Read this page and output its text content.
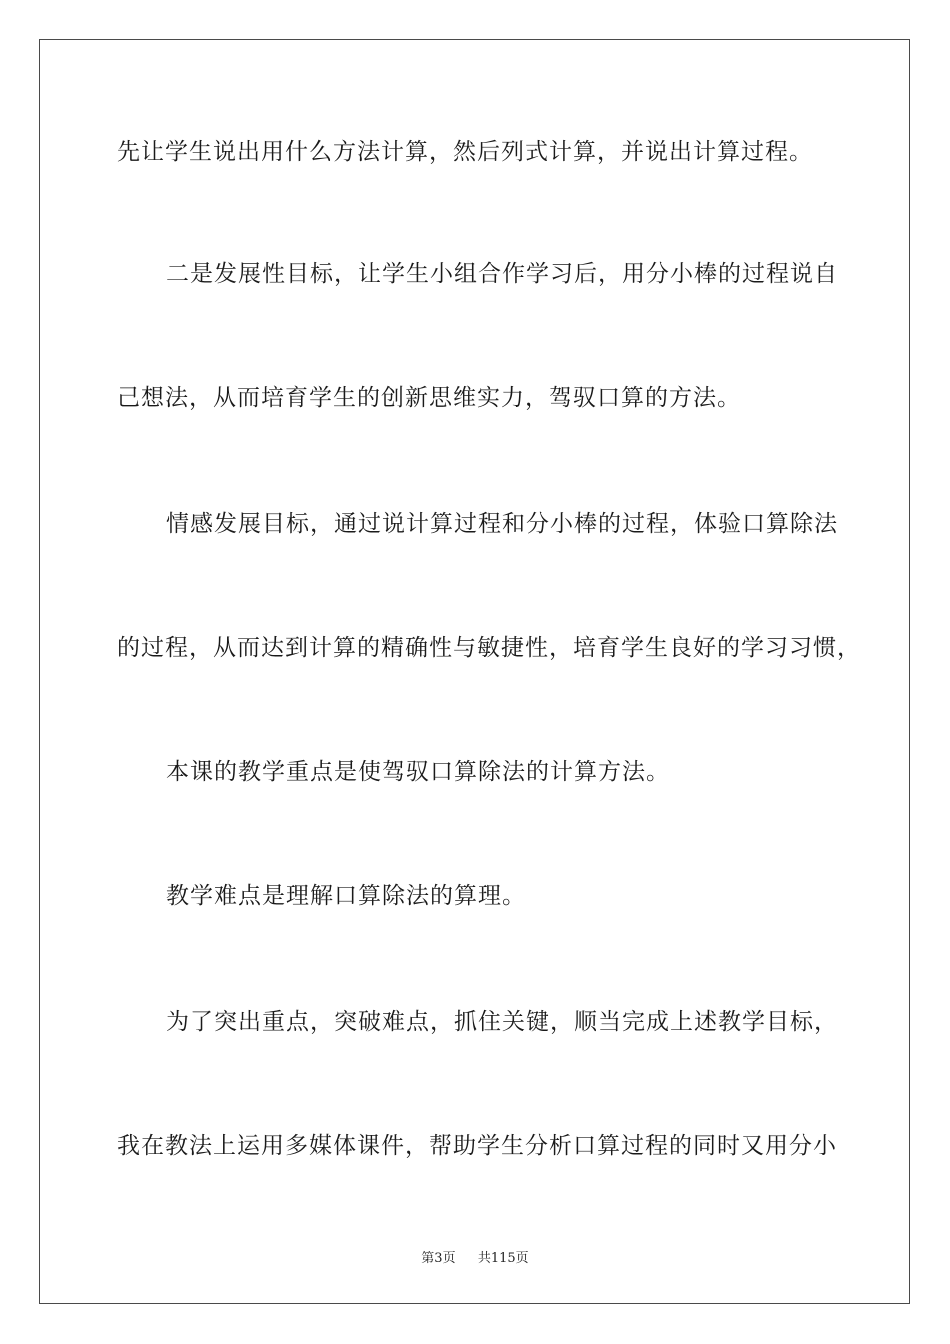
先让学生说出用什么方法计算，然后列式计算，并说出计算过程。
二是发展性目标，让学生小组合作学习后，用分小棒的过程说自
己想法，从而培育学生的创新思维实力，驾驭口算的方法。
情感发展目标，通过说计算过程和分小棒的过程，体验口算除法
的过程，从而达到计算的精确性与敏捷性，培育学生良好的学习习惯，
本课的教学重点是使驾驭口算除法的计算方法。
教学难点是理解口算除法的算理。
为了突出重点，突破难点，抓住关键，顺当完成上述教学目标，
我在教法上运用多媒体课件，帮助学生分析口算过程的同时又用分小
第3页 共115页
